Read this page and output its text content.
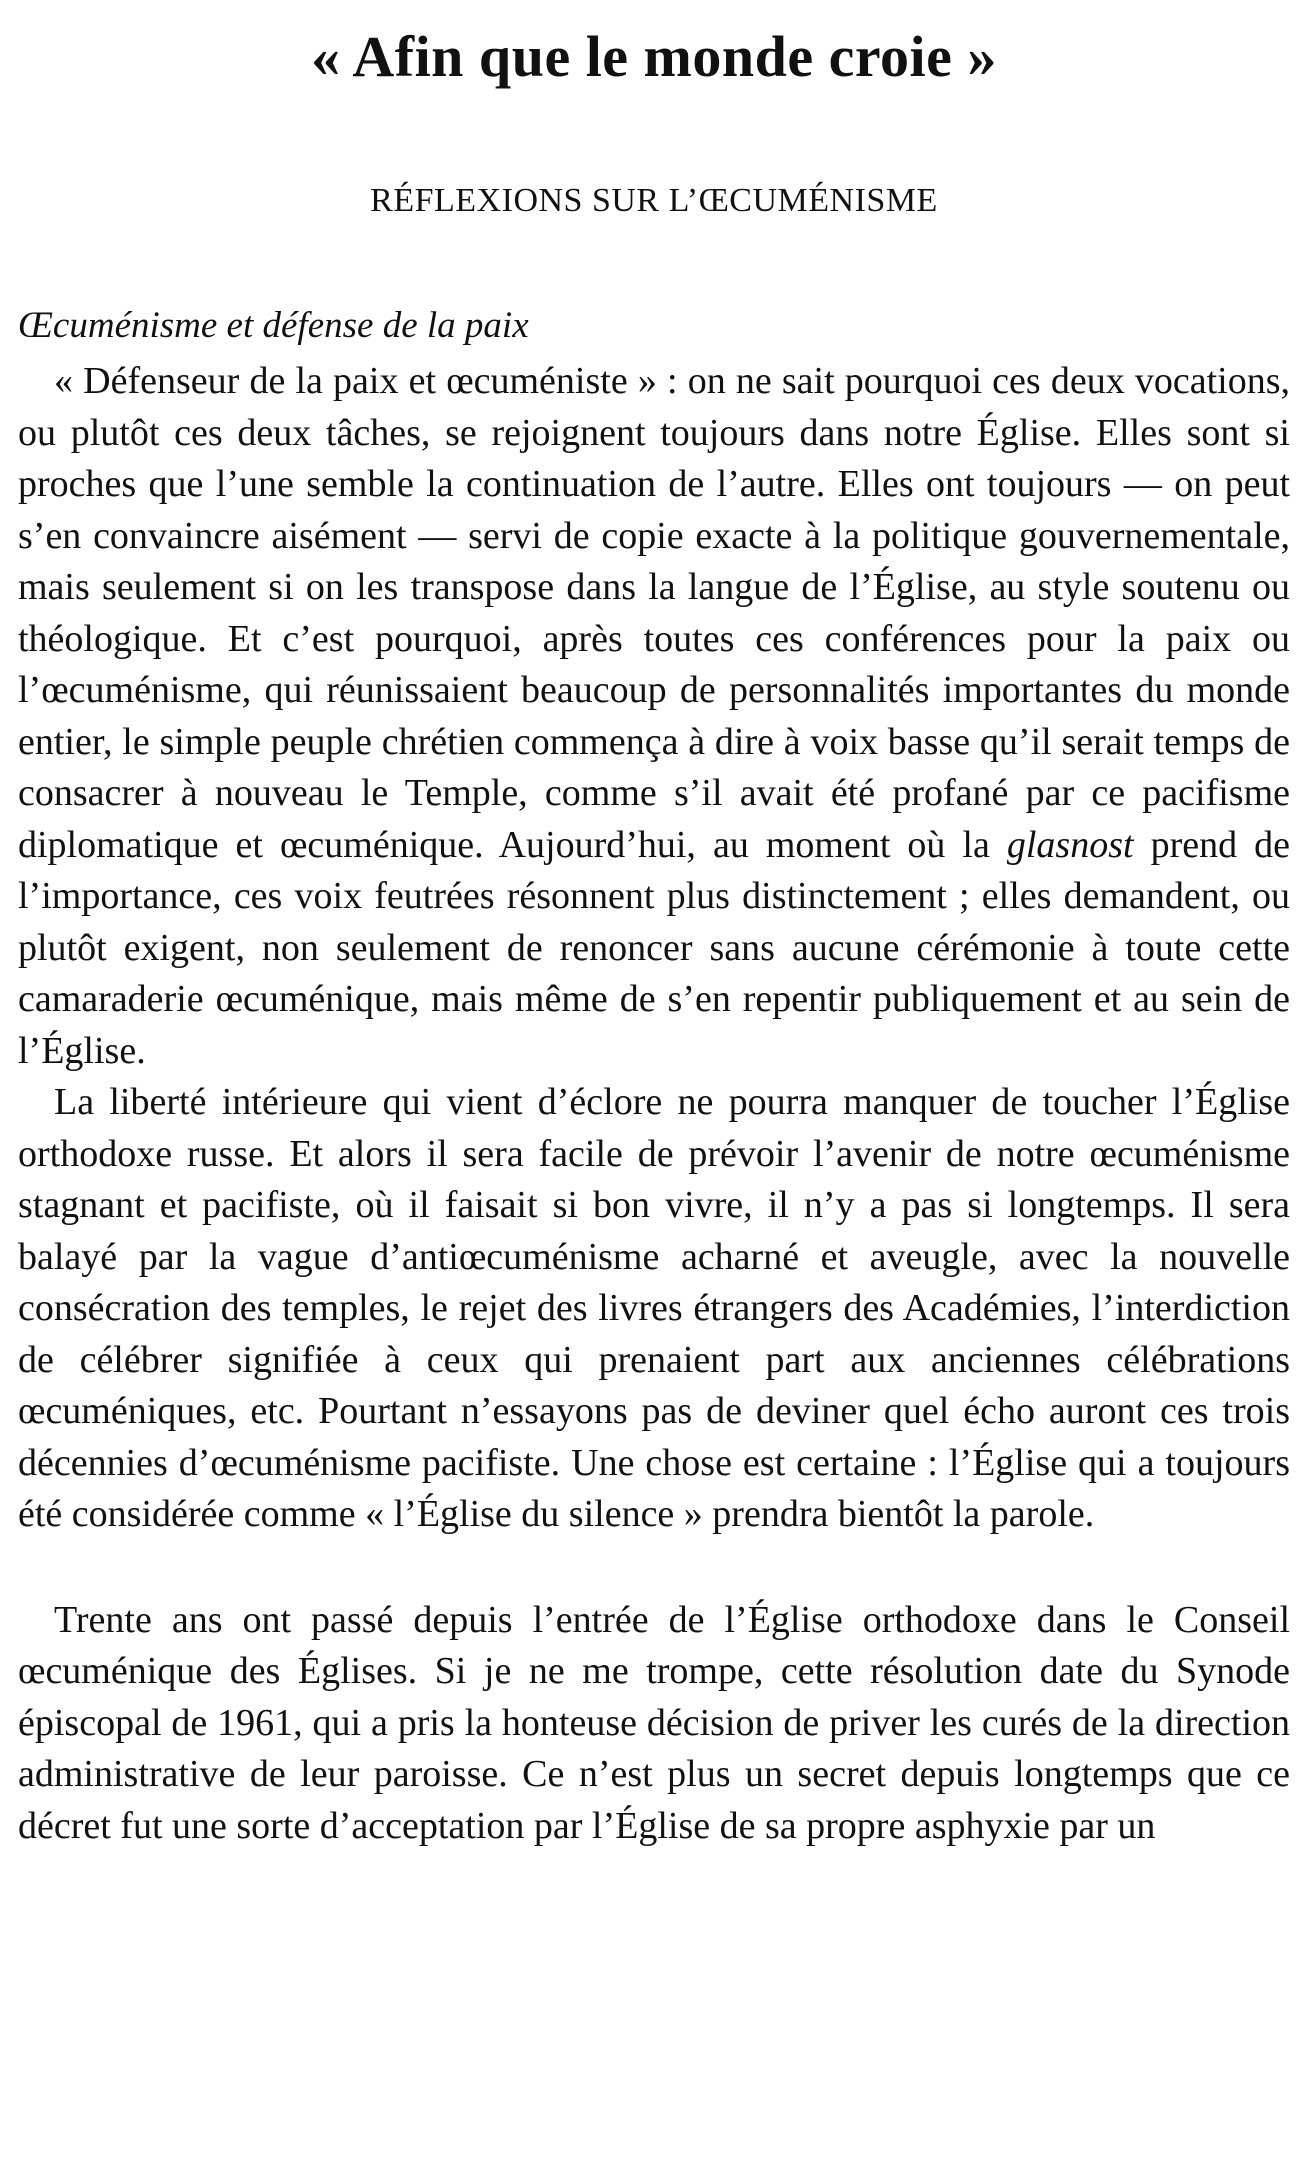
« Afin que le monde croie »
RÉFLEXIONS SUR L’ŒCUMÉNISME
Œcuménisme et défense de la paix

« Défenseur de la paix et œcuméniste » : on ne sait pourquoi ces deux vocations, ou plutôt ces deux tâches, se rejoignent toujours dans notre Église. Elles sont si proches que l’une semble la continuation de l’autre. Elles ont toujours — on peut s’en convaincre aisément — servi de copie exacte à la politique gouvernementale, mais seulement si on les transpose dans la langue de l’Église, au style soutenu ou théologique. Et c’est pourquoi, après toutes ces conférences pour la paix ou l’œcuménisme, qui réunissaient beaucoup de personnalités importantes du monde entier, le simple peuple chrétien commença à dire à voix basse qu’il serait temps de consacrer à nouveau le Temple, comme s’il avait été profané par ce pacifisme diplomatique et œcuménique. Aujourd’hui, au moment où la glasnost prend de l’importance, ces voix feutrées résonnent plus distinctement ; elles demandent, ou plutôt exigent, non seulement de renoncer sans aucune cérémonie à toute cette camaraderie œcuménique, mais même de s’en repentir publiquement et au sein de l’Église.

La liberté intérieure qui vient d’éclore ne pourra manquer de toucher l’Église orthodoxe russe. Et alors il sera facile de prévoir l’avenir de notre œcuménisme stagnant et pacifiste, où il faisait si bon vivre, il n’y a pas si longtemps. Il sera balayé par la vague d’antiœcuménisme acharné et aveugle, avec la nouvelle consécration des temples, le rejet des livres étrangers des Académies, l’interdiction de célébrer signifiée à ceux qui prenaient part aux anciennes célébrations œcuméniques, etc. Pourtant n’essayons pas de deviner quel écho auront ces trois décennies d’œcuménisme pacifiste. Une chose est certaine : l’Église qui a toujours été considérée comme « l’Église du silence » prendra bientôt la parole.

Trente ans ont passé depuis l’entrée de l’Église orthodoxe dans le Conseil œcuménique des Églises. Si je ne me trompe, cette résolution date du Synode épiscopal de 1961, qui a pris la honteuse décision de priver les curés de la direction administrative de leur paroisse. Ce n’est plus un secret depuis longtemps que ce décret fut une sorte d’acceptation par l’Église de sa propre asphyxie par un
